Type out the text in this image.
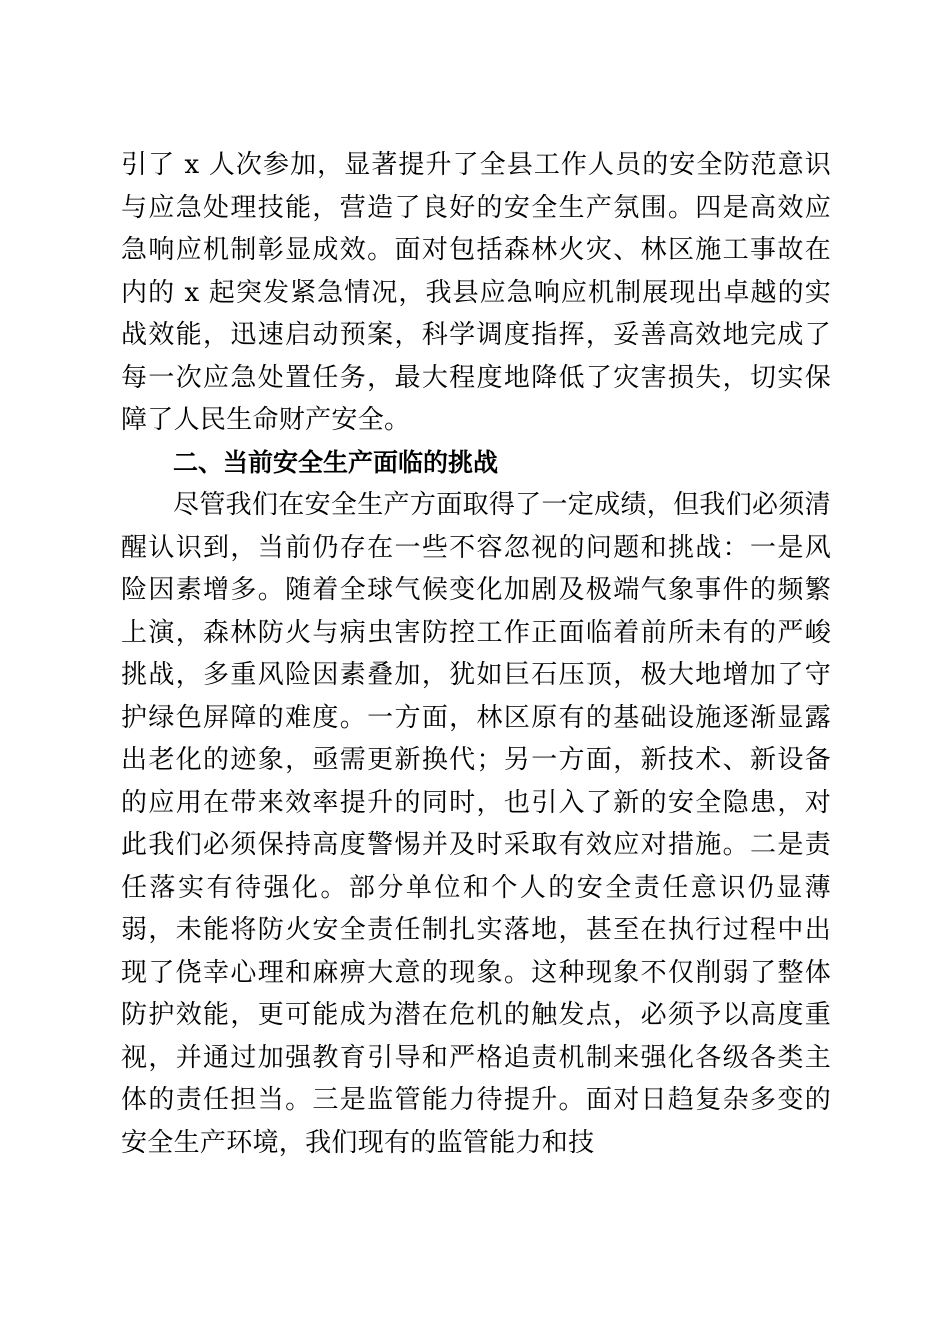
引了 x 人次参加，显著提升了全县工作人员的安全防范意识与应急处理技能，营造了良好的安全生产氛围。四是高效应急响应机制彰显成效。面对包括森林火灾、林区施工事故在内的 x 起突发紧急情况，我县应急响应机制展现出卓越的实战效能，迅速启动预案，科学调度指挥，妥善高效地完成了每一次应急处置任务，最大程度地降低了灾害损失，切实保障了人民生命财产安全。

二、当前安全生产面临的挑战

尽管我们在安全生产方面取得了一定成绩，但我们必须清醒认识到，当前仍存在一些不容忽视的问题和挑战：一是风险因素增多。随着全球气候变化加剧及极端气象事件的频繁上演，森林防火与病虫害防控工作正面临着前所未有的严峻挑战，多重风险因素叠加，犹如巨石压顶，极大地增加了守护绿色屏障的难度。一方面，林区原有的基础设施逐渐显露出老化的迹象，亟需更新换代；另一方面，新技术、新设备的应用在带来效率提升的同时，也引入了新的安全隐患，对此我们必须保持高度警惕并及时采取有效应对措施。二是责任落实有待强化。部分单位和个人的安全责任意识仍显薄弱，未能将防火安全责任制扎实落地，甚至在执行过程中出现了侥幸心理和麻痹大意的现象。这种现象不仅削弱了整体防护效能，更可能成为潜在危机的触发点，必须予以高度重视，并通过加强教育引导和严格追责机制来强化各级各类主体的责任担当。三是监管能力待提升。面对日趋复杂多变的安全生产环境，我们现有的监管能力和技
